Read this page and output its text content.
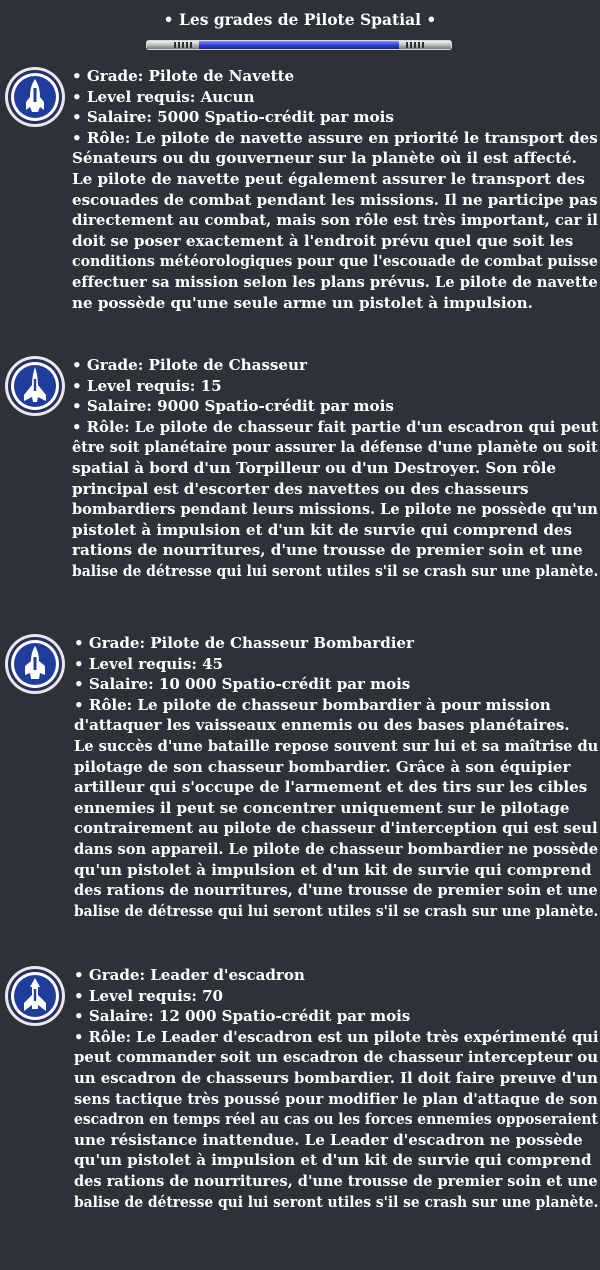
• Les grades de Pilote Spatial •
• Grade: Pilote de Navette
• Level requis: Aucun
• Salaire: 5000 Spatio-crédit par mois
• Rôle: Le pilote de navette assure en priorité le transport des
Sénateurs ou du gouverneur sur la planète où il est affecté.
Le pilote de navette peut également assurer le transport des
escouades de combat pendant les missions. Il ne participe pas
directement au combat, mais son rôle est très important, car il
doit se poser exactement à l'endroit prévu quel que soit les
conditions météorologiques pour que l'escouade de combat puisse
effectuer sa mission selon les plans prévus. Le pilote de navette
ne possède qu'une seule arme un pistolet à impulsion.
• Grade: Pilote de Chasseur
• Level requis: 15
• Salaire: 9000 Spatio-crédit par mois
• Rôle: Le pilote de chasseur fait partie d'un escadron qui peut
être soit planétaire pour assurer la défense d'une planète ou soit
spatial à bord d'un Torpilleur ou d'un Destroyer. Son rôle
principal est d'escorter des navettes ou des chasseurs
bombardiers pendant leurs missions. Le pilote ne possède qu'un
pistolet à impulsion et d'un kit de survie qui comprend des
rations de nourritures, d'une trousse de premier soin et une
balise de détresse qui lui seront utiles s'il se crash sur une planète.
• Grade: Pilote de Chasseur Bombardier
• Level requis: 45
• Salaire: 10 000 Spatio-crédit par mois
• Rôle: Le pilote de chasseur bombardier à pour mission
d'attaquer les vaisseaux ennemis ou des bases planétaires.
Le succès d'une bataille repose souvent sur lui et sa maîtrise du
pilotage de son chasseur bombardier. Grâce à son équipier
artilleur qui s'occupe de l'armement et des tirs sur les cibles
ennemies il peut se concentrer uniquement sur le pilotage
contrairement au pilote de chasseur d'interception qui est seul
dans son appareil. Le pilote de chasseur bombardier ne possède
qu'un pistolet à impulsion et d'un kit de survie qui comprend
des rations de nourritures, d'une trousse de premier soin et une
balise de détresse qui lui seront utiles s'il se crash sur une planète.
• Grade: Leader d'escadron
• Level requis: 70
• Salaire: 12 000 Spatio-crédit par mois
• Rôle: Le Leader d'escadron est un pilote très expérimenté qui
peut commander soit un escadron de chasseur intercepteur ou
un escadron de chasseurs bombardier. Il doit faire preuve d'un
sens tactique très poussé pour modifier le plan d'attaque de son
escadron en temps réel au cas ou les forces ennemies opposeraient
une résistance inattendue. Le Leader d'escadron ne possède
qu'un pistolet à impulsion et d'un kit de survie qui comprend
des rations de nourritures, d'une trousse de premier soin et une
balise de détresse qui lui seront utiles s'il se crash sur une planète.
